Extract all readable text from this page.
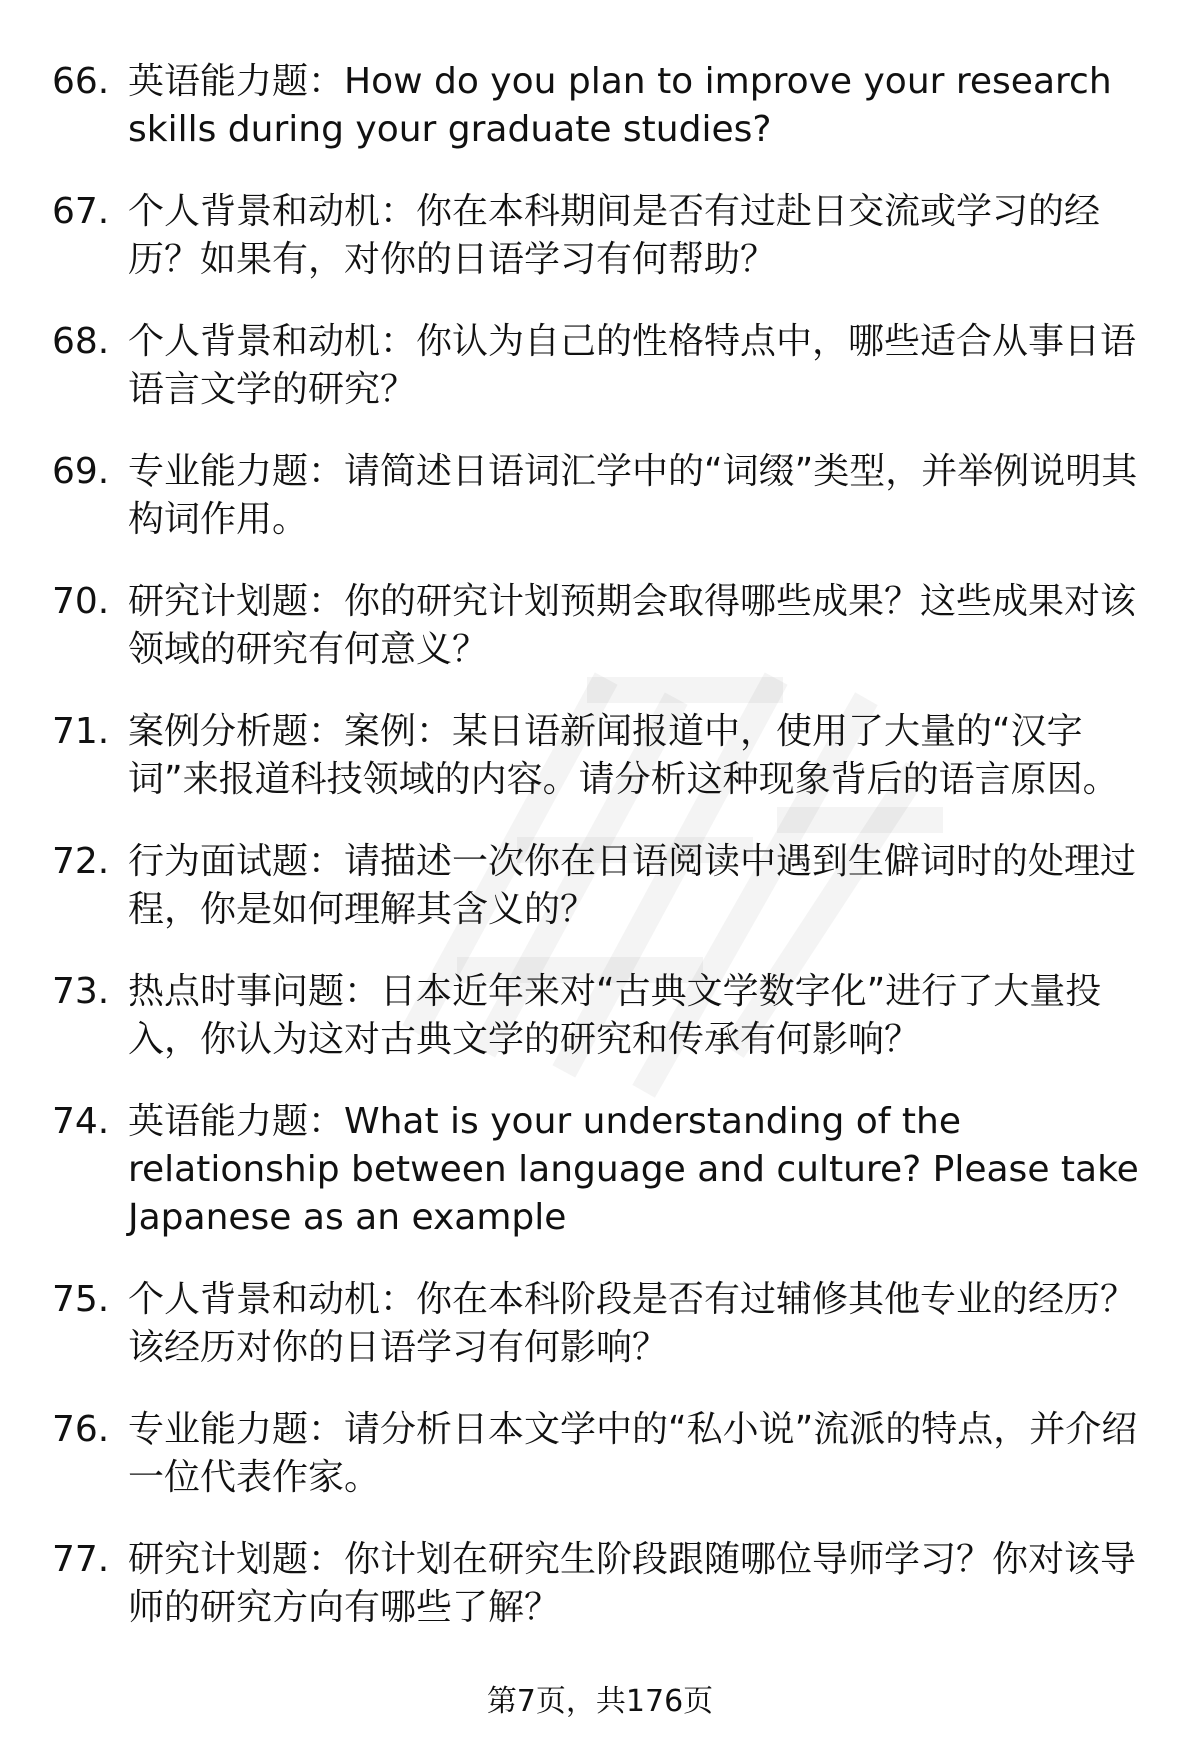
66. 英语能力题：How do you plan to improve your research skills during your graduate studies?
67. 个人背景和动机：你在本科期间是否有过赴日交流或学习的经历？如果有，对你的日语学习有何帮助？
68. 个人背景和动机：你认为自己的性格特点中，哪些适合从事日语语言文学的研究？
69. 专业能力题：请简述日语词汇学中的“词缀”类型，并举例说明其构词作用。
70. 研究计划题：你的研究计划预期会取得哪些成果？这些成果对该领域的研究有何意义？
71. 案例分析题：案例：某日语新闻报道中，使用了大量的“汉字词”来报道科技领域的内容。请分析这种现象背后的语言原因。
72. 行为面试题：请描述一次你在日语阅读中遇到生僻词时的处理过程，你是如何理解其含义的？
73. 热点时事问题：日本近年来对“古典文学数字化”进行了大量投入，你认为这对古典文学的研究和传承有何影响？
74. 英语能力题：What is your understanding of the relationship between language and culture? Please take Japanese as an example
75. 个人背景和动机：你在本科阶段是否有过辅修其他专业的经历？该经历对你的日语学习有何影响？
76. 专业能力题：请分析日本文学中的“私小说”流派的特点，并介绍一位代表作家。
77. 研究计划题：你计划在研究生阶段跟随哪位导师学习？你对该导师的研究方向有哪些了解？
第7页，共176页
